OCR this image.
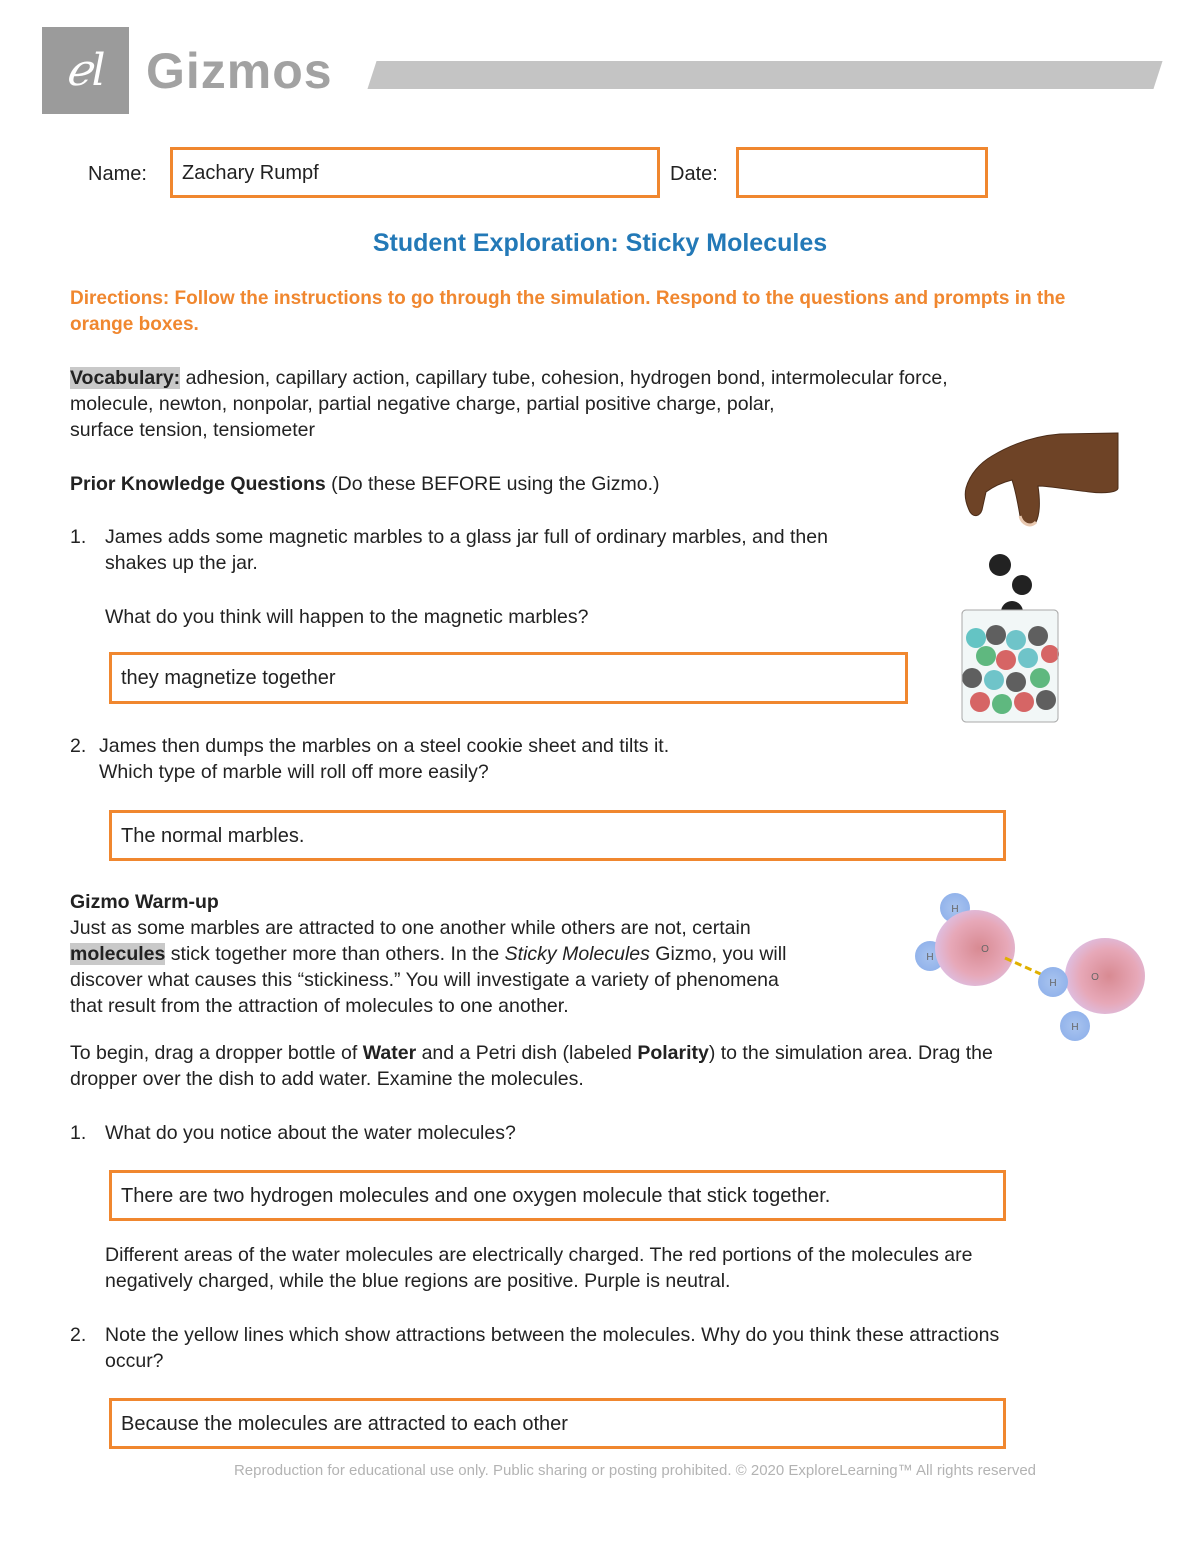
ℯl Gizmos
Name:	Zachary Rumpf	Date:
Student Exploration: Sticky Molecules
Directions: Follow the instructions to go through the simulation. Respond to the questions and prompts in the orange boxes.
Vocabulary: adhesion, capillary action, capillary tube, cohesion, hydrogen bond, intermolecular force,
molecule, newton, nonpolar, partial negative charge, partial positive charge, polar,
surface tension, tensiometer
Prior Knowledge Questions (Do these BEFORE using the Gizmo.)
1. James adds some magnetic marbles to a glass jar full of ordinary marbles, and then
shakes up the jar.
What do you think will happen to the magnetic marbles?
they magnetize together
2. James then dumps the marbles on a steel cookie sheet and tilts it.
Which type of marble will roll off more easily?
The normal marbles.
Gizmo Warm-up
Just as some marbles are attracted to one another while others are not, certain
molecules stick together more than others. In the Sticky Molecules Gizmo, you will
discover what causes this “stickiness.” You will investigate a variety of phenomena
that result from the attraction of molecules to one another.
H
H
O
H
H
O
To begin, drag a dropper bottle of Water and a Petri dish (labeled Polarity) to the simulation area. Drag the
dropper over the dish to add water. Examine the molecules.
1. What do you notice about the water molecules?
There are two hydrogen molecules and one oxygen molecule that stick together.
Different areas of the water molecules are electrically charged. The red portions of the molecules are
negatively charged, while the blue regions are positive. Purple is neutral.
2. Note the yellow lines which show attractions between the molecules. Why do you think these attractions
occur?
Because the molecules are attracted to each other
Reproduction for educational use only. Public sharing or posting prohibited. © 2020 ExploreLearning™ All rights reserved
